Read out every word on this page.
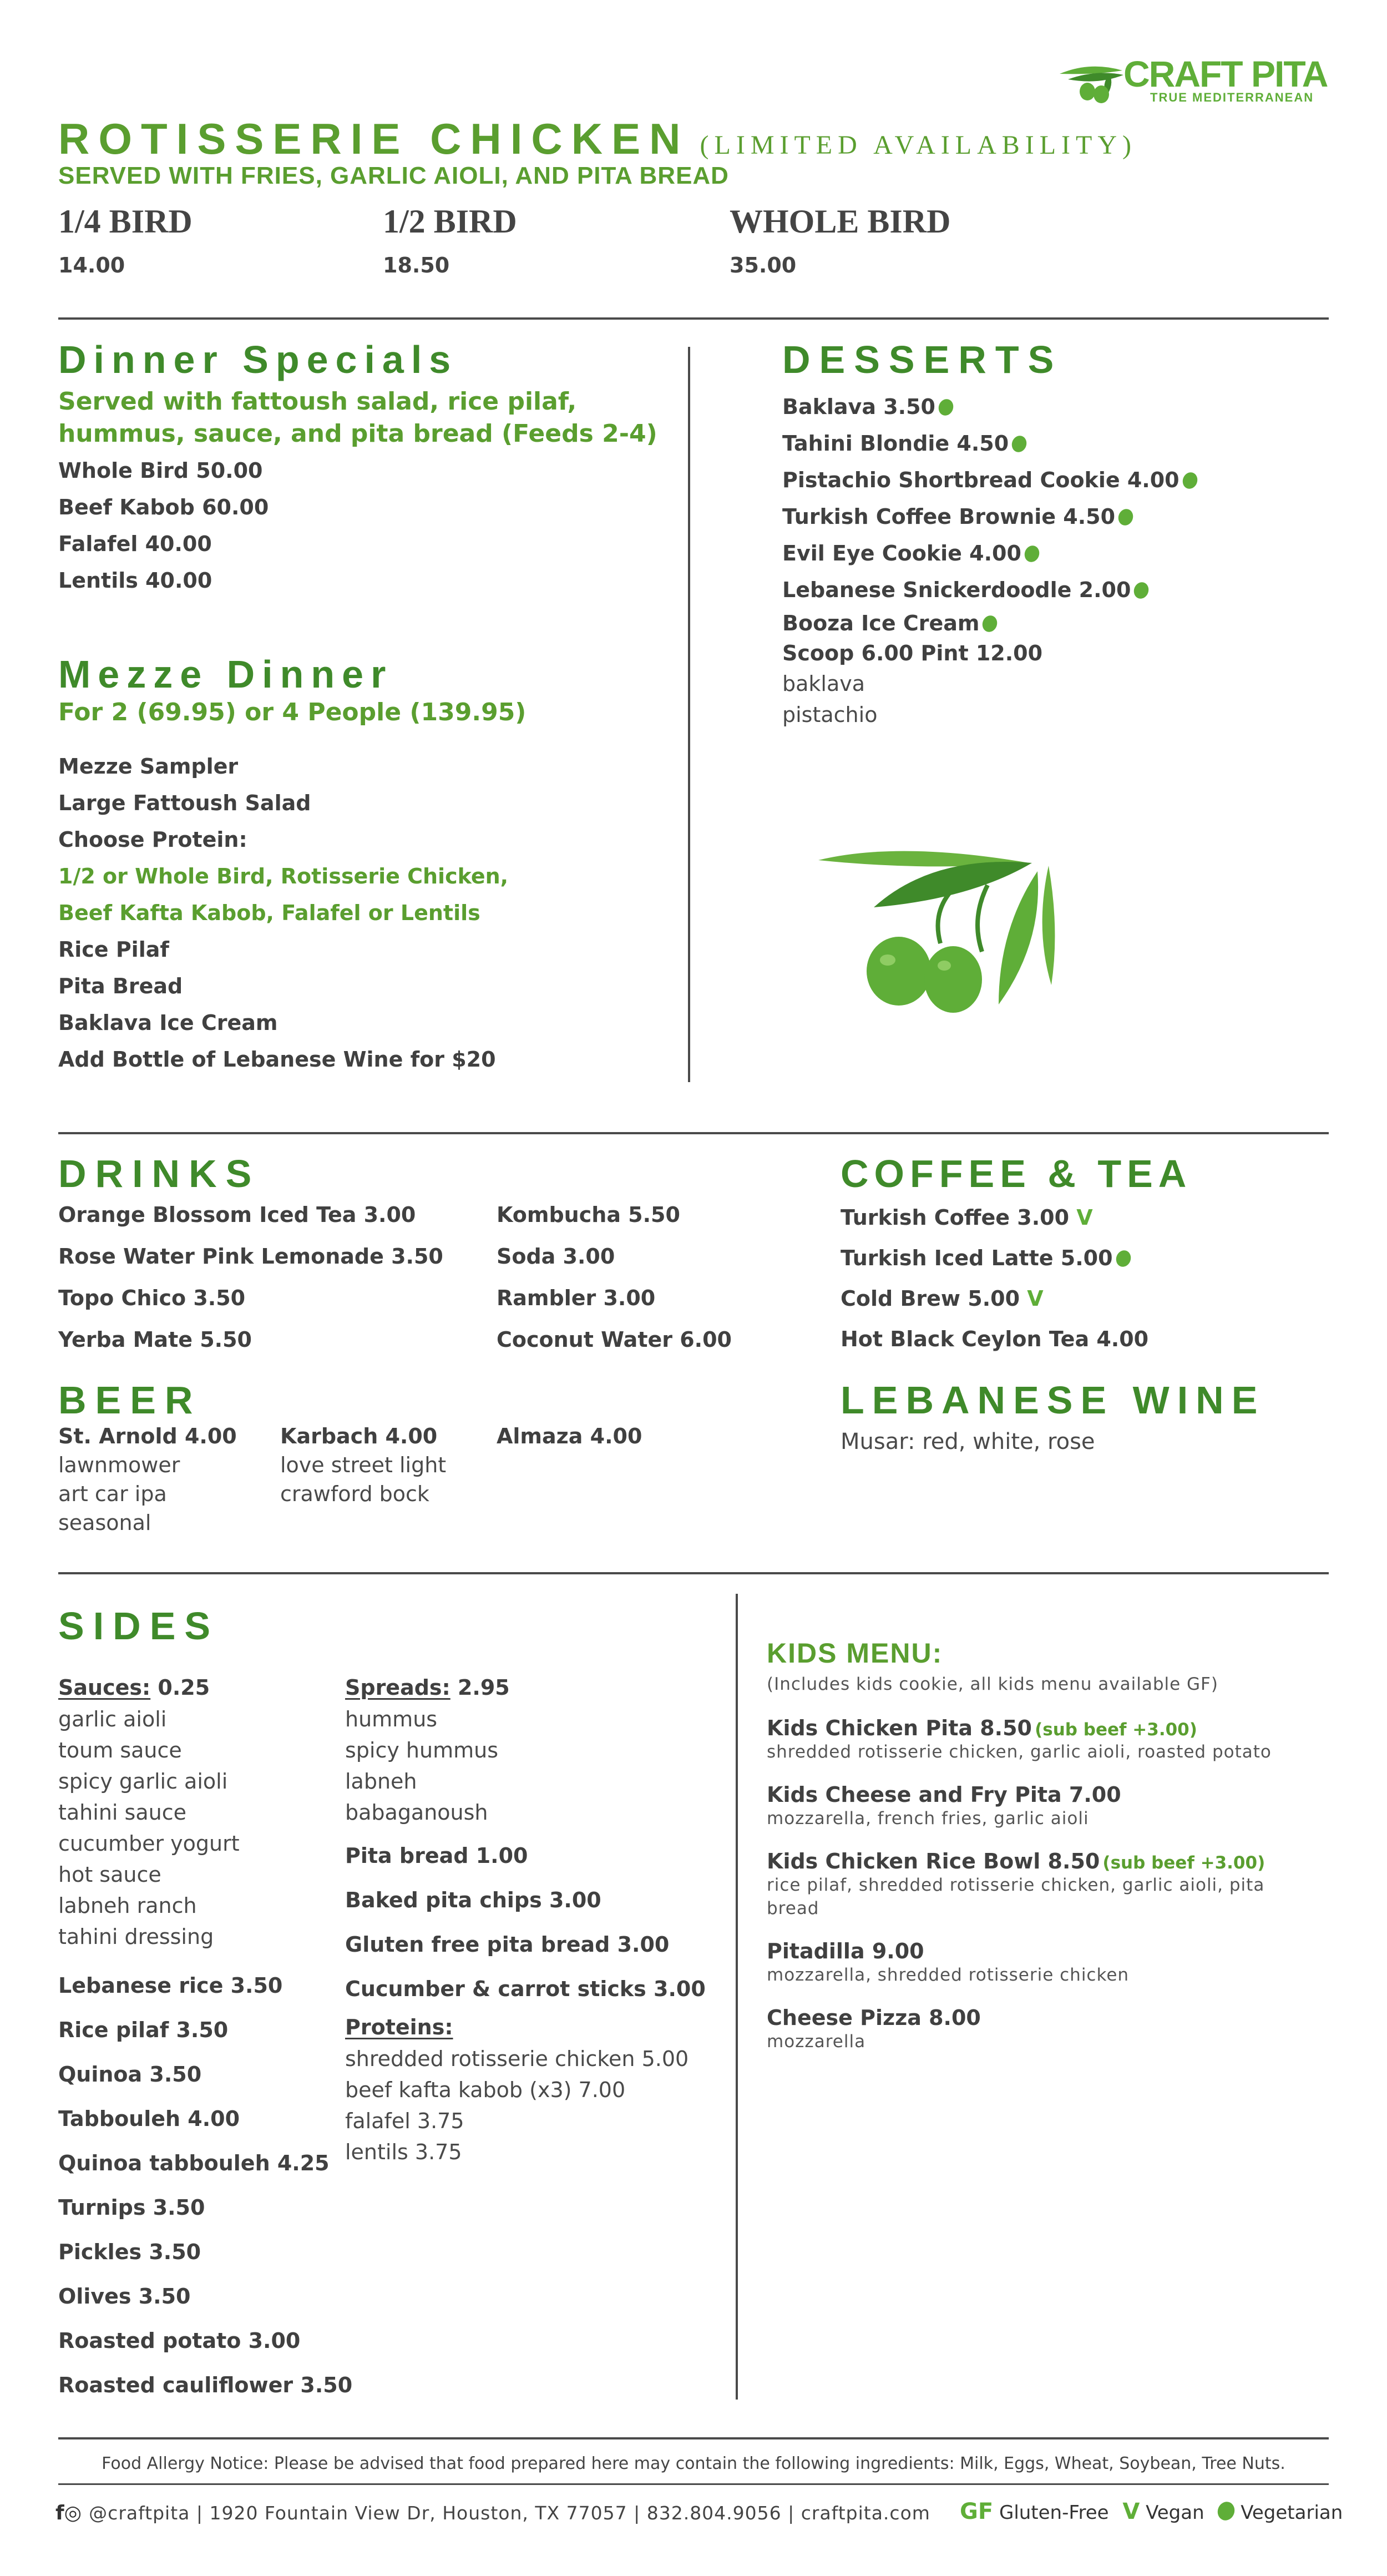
CRAFT PITA
TRUE MEDITERRANEAN
ROTISSERIE CHICKEN (LIMITED AVAILABILITY)
SERVED WITH FRIES, GARLIC AIOLI, AND PITA BREAD
1/4 BIRD
14.00
1/2 BIRD
18.50
WHOLE BIRD
35.00
Dinner Specials
Served with fattoush salad, rice pilaf,
hummus, sauce, and pita bread (Feeds 2-4)
Whole Bird 50.00
Beef Kabob 60.00
Falafel 40.00
Lentils 40.00
Mezze Dinner
For 2 (69.95) or 4 People (139.95)
Mezze Sampler
Large Fattoush Salad
Choose Protein:
1/2 or Whole Bird, Rotisserie Chicken,
Beef Kafta Kabob, Falafel or Lentils
Rice Pilaf
Pita Bread
Baklava Ice Cream
Add Bottle of Lebanese Wine for $20
DESSERTS
Baklava 3.50
Tahini Blondie 4.50
Pistachio Shortbread Cookie 4.00
Turkish Coffee Brownie 4.50
Evil Eye Cookie 4.00
Lebanese Snickerdoodle 2.00
Booza Ice Cream
Scoop 6.00 Pint 12.00
baklava
pistachio
DRINKS
Orange Blossom Iced Tea 3.00
Rose Water Pink Lemonade 3.50
Topo Chico 3.50
Yerba Mate 5.50
Kombucha 5.50
Soda 3.00
Rambler 3.00
Coconut Water 6.00
COFFEE & TEA
Turkish Coffee 3.00 V
Turkish Iced Latte 5.00
Cold Brew 5.00 V
Hot Black Ceylon Tea 4.00
BEER
St. Arnold 4.00
lawnmower
art car ipa
seasonal
Karbach 4.00
love street light
crawford bock
Almaza 4.00
LEBANESE WINE
Musar: red, white, rose
SIDES
Sauces: 0.25
garlic aioli
toum sauce
spicy garlic aioli
tahini sauce
cucumber yogurt
hot sauce
labneh ranch
tahini dressing
Lebanese rice 3.50
Rice pilaf 3.50
Quinoa 3.50
Tabbouleh 4.00
Quinoa tabbouleh 4.25
Turnips 3.50
Pickles 3.50
Olives 3.50
Roasted potato 3.00
Roasted cauliflower 3.50
Spreads: 2.95
hummus
spicy hummus
labneh
babaganoush
Pita bread 1.00
Baked pita chips 3.00
Gluten free pita bread 3.00
Cucumber & carrot sticks 3.00
Proteins:
shredded rotisserie chicken 5.00
beef kafta kabob (x3) 7.00
falafel 3.75
lentils 3.75
KIDS MENU:
(Includes kids cookie, all kids menu available GF)
Kids Chicken Pita 8.50 (sub beef +3.00)
shredded rotisserie chicken, garlic aioli, roasted potato
Kids Cheese and Fry Pita 7.00
mozzarella, french fries, garlic aioli
Kids Chicken Rice Bowl 8.50 (sub beef +3.00)
rice pilaf, shredded rotisserie chicken, garlic aioli, pita bread
Pitadilla 9.00
mozzarella, shredded rotisserie chicken
Cheese Pizza 8.00
mozzarella
Food Allergy Notice: Please be advised that food prepared here may contain the following ingredients: Milk, Eggs, Wheat, Soybean, Tree Nuts.
f◎ @craftpita | 1920 Fountain View Dr, Houston, TX 77057 | 832.804.9056 | craftpita.com GF Gluten-Free V Vegan Vegetarian
